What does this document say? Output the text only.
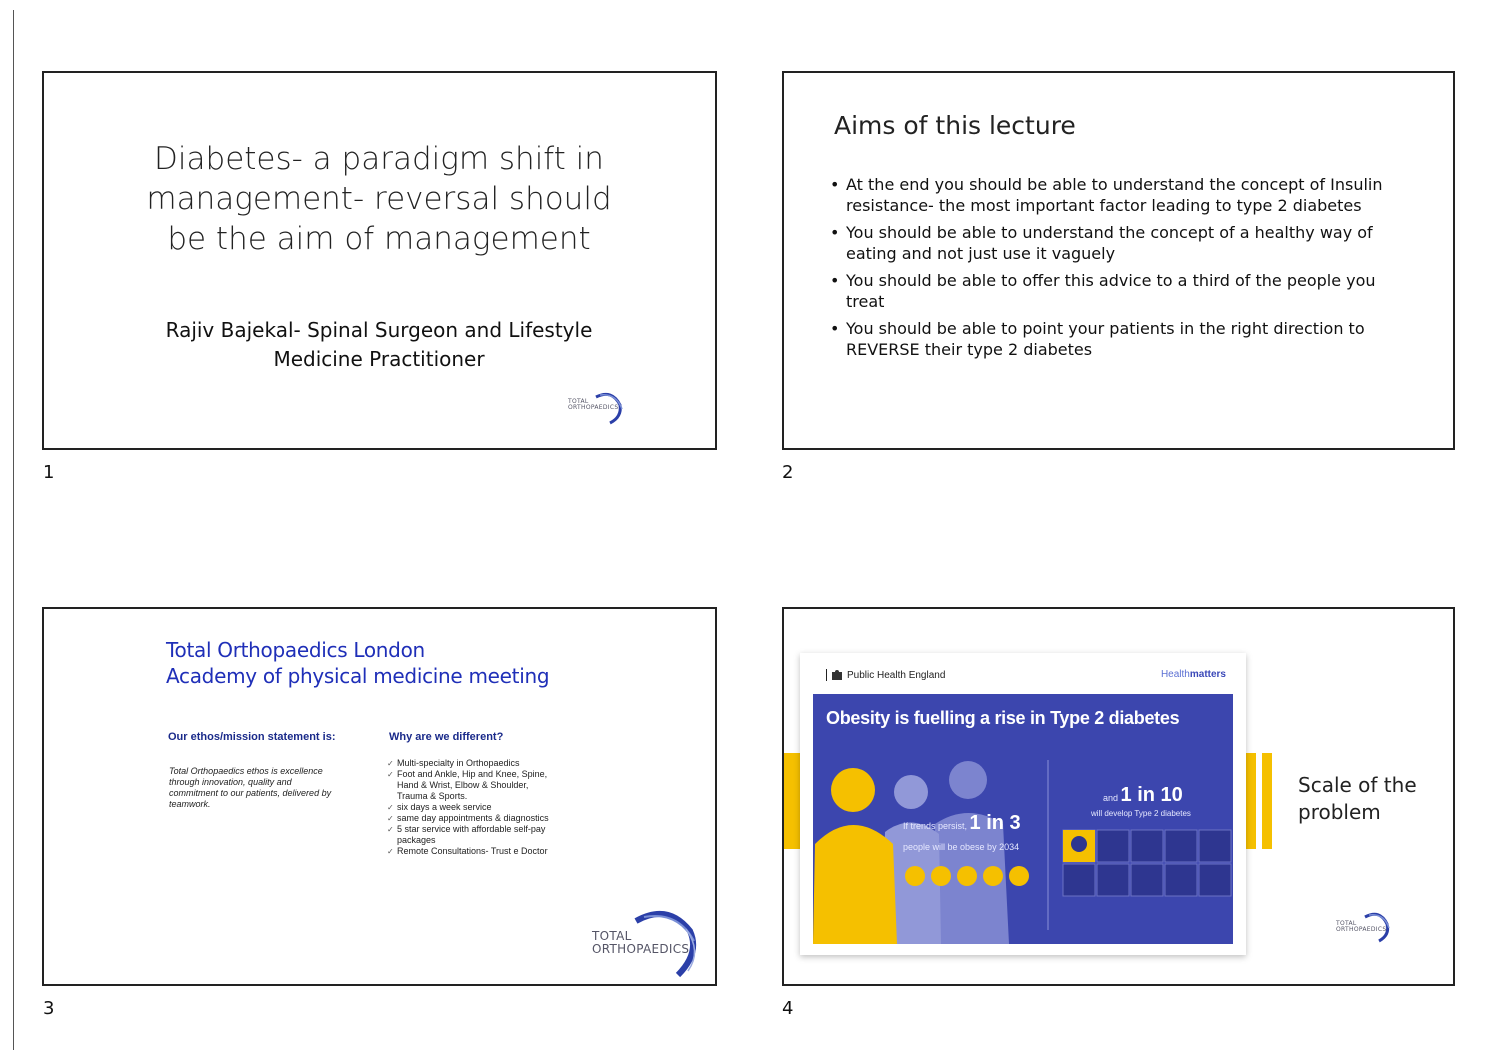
Diabetes- a paradigm shift in
management- reversal should
be the aim of management
Rajiv Bajekal- Spinal Surgeon and Lifestyle
Medicine Practitioner
TOTAL
ORTHOPAEDICS
1
Aims of this lecture
• At the end you should be able to understand the concept of Insulin
resistance- the most important factor leading to type 2 diabetes
• You should be able to understand the concept of a healthy way of
eating and not just use it vaguely
• You should be able to offer this advice to a third of the people you
treat
• You should be able to point your patients in the right direction to
REVERSE their type 2 diabetes
2
Total Orthopaedics London
Academy of physical medicine meeting
Our ethos/mission statement is:
Total Orthopaedics ethos is excellence
through innovation, quality and
commitment to our patients, delivered by
teamwork.
Why are we different?
✓ Multi-specialty in Orthopaedics
✓ Foot and Ankle, Hip and Knee, Spine,
Hand & Wrist, Elbow & Shoulder,
Trauma & Sports.
✓ six days a week service
✓ same day appointments & diagnostics
✓ 5 star service with affordable self-pay
packages
✓ Remote Consultations- Trust e Doctor
TOTAL
ORTHOPAEDICS
3
Public Health England	Healthmatters
Obesity is fuelling a rise in Type 2 diabetes
If trends persist, 1 in 3
people will be obese by 2034
and 1 in 10
will develop Type 2 diabetes
Scale of the
problem
TOTAL
ORTHOPAEDICS
4
